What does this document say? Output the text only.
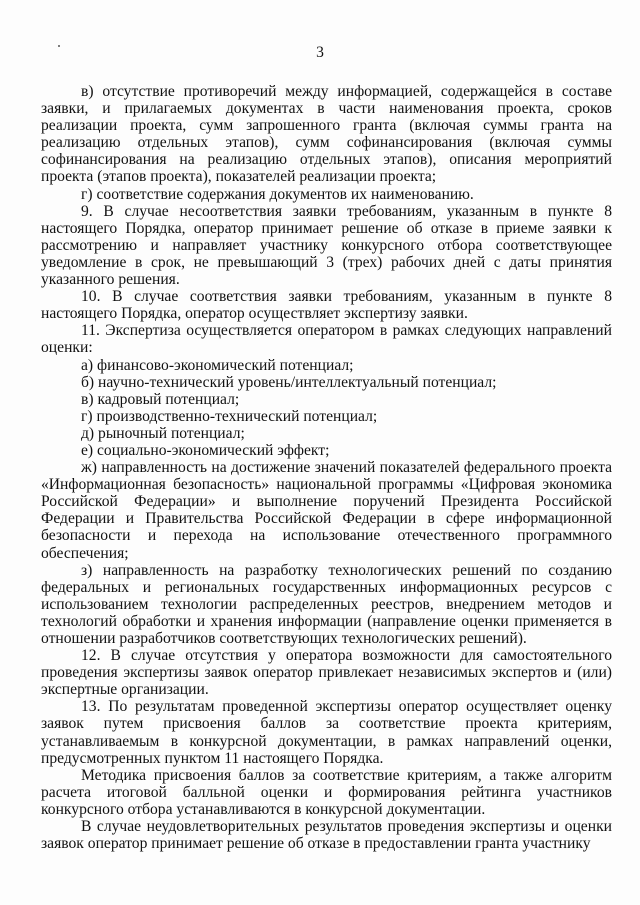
3

в) отсутствие противоречий между информацией, содержащейся в составе заявки, и прилагаемых документах в части наименования проекта, сроков реализации проекта, сумм запрошенного гранта (включая суммы гранта на реализацию отдельных этапов), сумм софинансирования (включая суммы софинансирования на реализацию отдельных этапов), описания мероприятий проекта (этапов проекта), показателей реализации проекта;

г) соответствие содержания документов их наименованию.

9. В случае несоответствия заявки требованиям, указанным в пункте 8 настоящего Порядка, оператор принимает решение об отказе в приеме заявки к рассмотрению и направляет участнику конкурсного отбора соответствующее уведомление в срок, не превышающий 3 (трех) рабочих дней с даты принятия указанного решения.

10. В случае соответствия заявки требованиям, указанным в пункте 8 настоящего Порядка, оператор осуществляет экспертизу заявки.

11. Экспертиза осуществляется оператором в рамках следующих направлений оценки:

а) финансово-экономический потенциал;

б) научно-технический уровень/интеллектуальный потенциал;

в) кадровый потенциал;

г) производственно-технический потенциал;

д) рыночный потенциал;

е) социально-экономический эффект;

ж) направленность на достижение значений показателей федерального проекта «Информационная безопасность» национальной программы «Цифровая экономика Российской Федерации» и выполнение поручений Президента Российской Федерации и Правительства Российской Федерации в сфере информационной безопасности и перехода на использование отечественного программного обеспечения;

з) направленность на разработку технологических решений по созданию федеральных и региональных государственных информационных ресурсов с использованием технологии распределенных реестров, внедрением методов и технологий обработки и хранения информации (направление оценки применяется в отношении разработчиков соответствующих технологических решений).

12. В случае отсутствия у оператора возможности для самостоятельного проведения экспертизы заявок оператор привлекает независимых экспертов и (или) экспертные организации.

13. По результатам проведенной экспертизы оператор осуществляет оценку заявок путем присвоения баллов за соответствие проекта критериям, устанавливаемым в конкурсной документации, в рамках направлений оценки, предусмотренных пунктом 11 настоящего Порядка.

Методика присвоения баллов за соответствие критериям, а также алгоритм расчета итоговой балльной оценки и формирования рейтинга участников конкурсного отбора устанавливаются в конкурсной документации.

В случае неудовлетворительных результатов проведения экспертизы и оценки заявок оператор принимает решение об отказе в предоставлении гранта участнику
